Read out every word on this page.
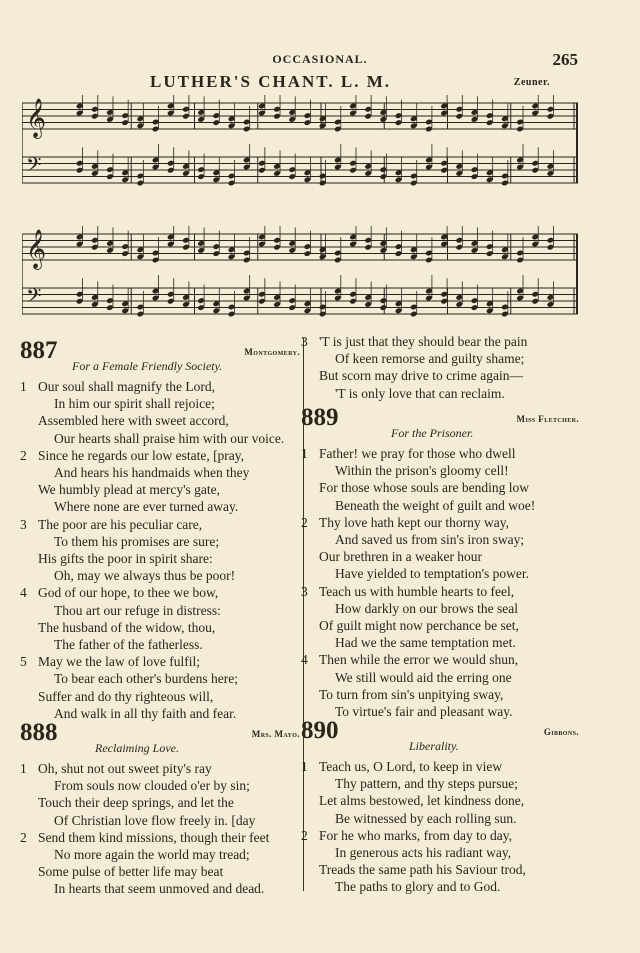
OCCASIONAL.	265
LUTHER'S CHANT. L. M.	Zeuner.
𝄞
𝄢
𝄞
𝄢
887	Montgomery.
For a Female Friendly Society.
1 Our soul shall magnify the Lord,
In him our spirit shall rejoice;
Assembled here with sweet accord,
Our hearts shall praise him with our voice.
2 Since he regards our low estate, [pray,
And hears his handmaids when they
We humbly plead at mercy's gate,
Where none are ever turned away.
3 The poor are his peculiar care,
To them his promises are sure;
His gifts the poor in spirit share:
Oh, may we always thus be poor!
4 God of our hope, to thee we bow,
Thou art our refuge in distress:
The husband of the widow, thou,
The father of the fatherless.
5 May we the law of love fulfil;
To bear each other's burdens here;
Suffer and do thy righteous will,
And walk in all thy faith and fear.
888	Mrs. Mayo.
Reclaiming Love.
1 Oh, shut not out sweet pity's ray
From souls now clouded o'er by sin;
Touch their deep springs, and let the
Of Christian love flow freely in. [day
2 Send them kind missions, though their feet
No more again the world may tread;
Some pulse of better life may beat
In hearts that seem unmoved and dead.
3 'T is just that they should bear the pain
Of keen remorse and guilty shame;
But scorn may drive to crime again—
'T is only love that can reclaim.
889	Miss Fletcher.
For the Prisoner.
1 Father! we pray for those who dwell
Within the prison's gloomy cell!
For those whose souls are bending low
Beneath the weight of guilt and woe!
2 Thy love hath kept our thorny way,
And saved us from sin's iron sway;
Our brethren in a weaker hour
Have yielded to temptation's power.
3 Teach us with humble hearts to feel,
How darkly on our brows the seal
Of guilt might now perchance be set,
Had we the same temptation met.
4 Then while the error we would shun,
We still would aid the erring one
To turn from sin's unpitying sway,
To virtue's fair and pleasant way.
890	Gibbons.
Liberality.
1 Teach us, O Lord, to keep in view
Thy pattern, and thy steps pursue;
Let alms bestowed, let kindness done,
Be witnessed by each rolling sun.
2 For he who marks, from day to day,
In generous acts his radiant way,
Treads the same path his Saviour trod,
The paths to glory and to God.
